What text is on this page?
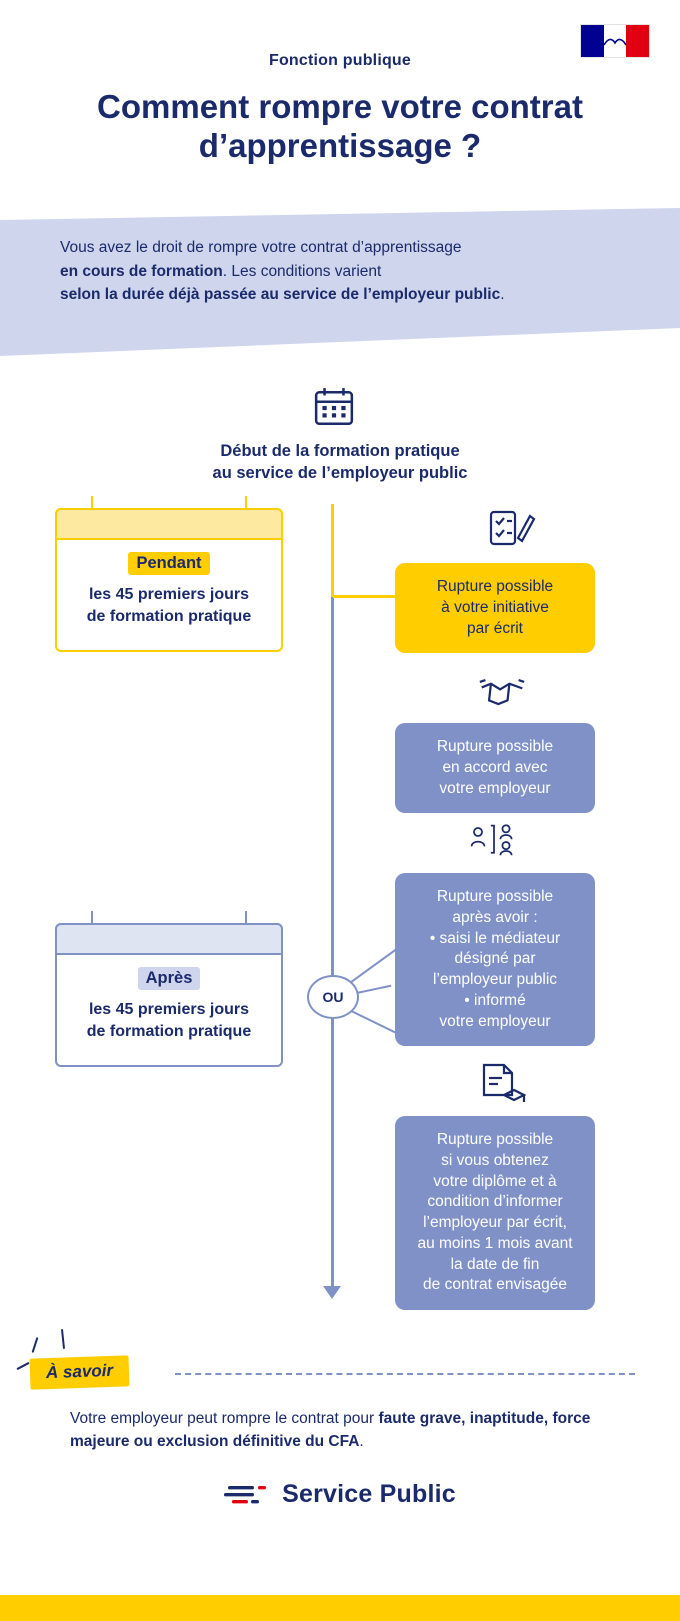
Fonction publique
Comment rompre votre contrat d’apprentissage ?
Vous avez le droit de rompre votre contrat d’apprentissage
en cours de formation. Les conditions varient
selon la durée déjà passée au service de l’employeur public.
Début de la formation pratique
au service de l’employeur public
OU
Pendant
les 45 premiers jours
de formation pratique
Après
les 45 premiers jours
de formation pratique
Rupture possible
à votre initiative
par écrit
Rupture possible
en accord avec
votre employeur
Rupture possible
après avoir :
• saisi le médiateur
désigné par
l’employeur public
• informé
votre employeur
Rupture possible
si vous obtenez
votre diplôme et à
condition d’informer
l’employeur par écrit,
au moins 1 mois avant
la date de fin
de contrat envisagée
À savoir
Votre employeur peut rompre le contrat pour faute grave, inaptitude, force majeure ou exclusion définitive du CFA.
Service Public
